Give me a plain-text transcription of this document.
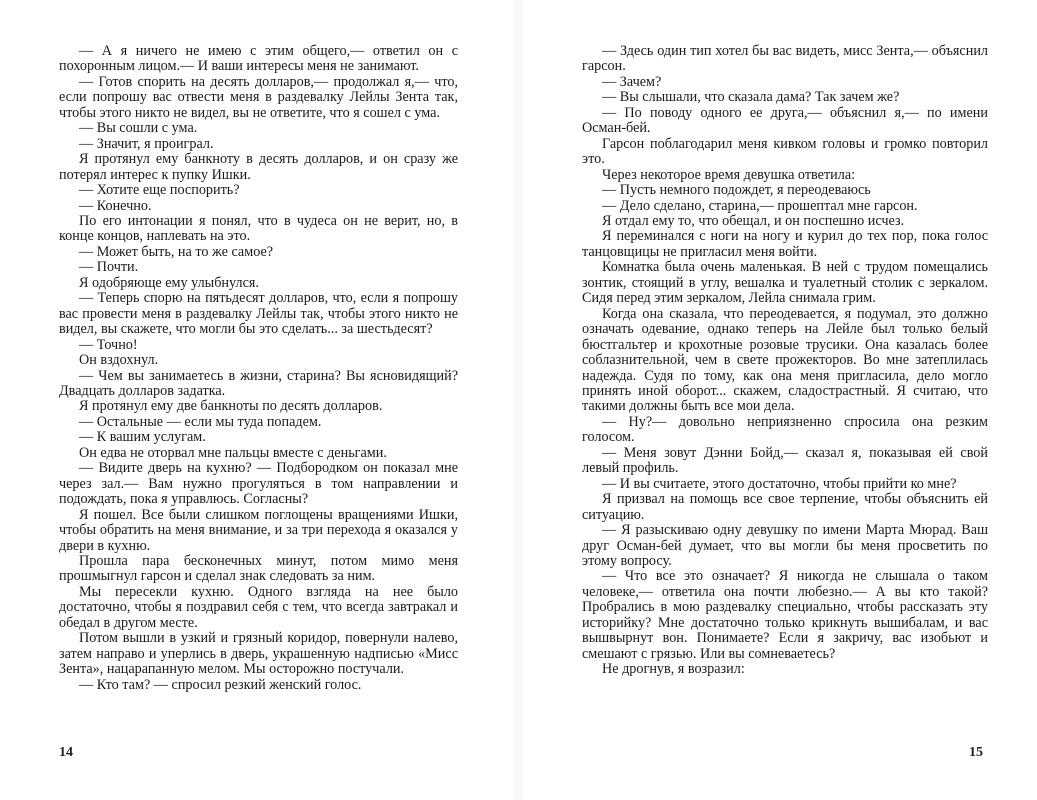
— А я ничего не имею с этим общего,— ответил он с похоронным лицом.— И ваши интересы меня не занимают.

— Готов спорить на десять долларов,— продолжал я,— что, если попрошу вас отвести меня в раздевалку Лейлы Зента так, чтобы этого никто не видел, вы не ответите, что я сошел с ума.

— Вы сошли с ума.

— Значит, я проиграл.

Я протянул ему банкноту в десять долларов, и он сразу же потерял интерес к пупку Ишки.

— Хотите еще поспорить?

— Конечно.

По его интонации я понял, что в чудеса он не верит, но, в конце концов, наплевать на это.

— Может быть, на то же самое?

— Почти.

Я одобряюще ему улыбнулся.

— Теперь спорю на пятьдесят долларов, что, если я попрошу вас провести меня в раздевалку Лейлы так, чтобы этого никто не видел, вы скажете, что могли бы это сделать... за шестьдесят?

— Точно!

Он вздохнул.

— Чем вы занимаетесь в жизни, старина? Вы ясновидящий? Двадцать долларов задатка.

Я протянул ему две банкноты по десять долларов.

— Остальные — если мы туда попадем.

— К вашим услугам.

Он едва не оторвал мне пальцы вместе с деньгами.

— Видите дверь на кухню? — Подбородком он показал мне через зал.— Вам нужно прогуляться в том направлении и подождать, пока я управлюсь. Согласны?

Я пошел. Все были слишком поглощены вращениями Ишки, чтобы обратить на меня внимание, и за три перехода я оказался у двери в кухню.

Прошла пара бесконечных минут, потом мимо меня прошмыгнул гарсон и сделал знак следовать за ним.

Мы пересекли кухню. Одного взгляда на нее было достаточно, чтобы я поздравил себя с тем, что всегда завтракал и обедал в другом месте.

Потом вышли в узкий и грязный коридор, повернули налево, затем направо и уперлись в дверь, украшенную надписью «Мисс Зента», нацарапанную мелом. Мы осторожно постучали.

— Кто там? — спросил резкий женский голос.

14

— Здесь один тип хотел бы вас видеть, мисс Зента,— объяснил гарсон.

— Зачем?

— Вы слышали, что сказала дама? Так зачем же?

— По поводу одного ее друга,— объяснил я,— по имени Осман-бей.

Гарсон поблагодарил меня кивком головы и громко повторил это.

Через некоторое время девушка ответила:

— Пусть немного подождет, я переодеваюсь

— Дело сделано, старина,— прошептал мне гарсон.

Я отдал ему то, что обещал, и он поспешно исчез.

Я переминался с ноги на ногу и курил до тех пор, пока голос танцовщицы не пригласил меня войти.

Комнатка была очень маленькая. В ней с трудом помещались зонтик, стоящий в углу, вешалка и туалетный столик с зеркалом. Сидя перед этим зеркалом, Лейла снимала грим.

Когда она сказала, что переодевается, я подумал, это должно означать одевание, однако теперь на Лейле был только белый бюстгальтер и крохотные розовые трусики. Она казалась более соблазнительной, чем в свете прожекторов. Во мне затеплилась надежда. Судя по тому, как она меня пригласила, дело могло принять иной оборот... скажем, сладострастный. Я считаю, что такими должны быть все мои дела.

— Ну?— довольно неприязненно спросила она резким голосом.

— Меня зовут Дэнни Бойд,— сказал я, показывая ей свой левый профиль.

— И вы считаете, этого достаточно, чтобы прийти ко мне?

Я призвал на помощь все свое терпение, чтобы объяснить ей ситуацию.

— Я разыскиваю одну девушку по имени Марта Мюрад. Ваш друг Осман-бей думает, что вы могли бы меня просветить по этому вопросу.

— Что все это означает? Я никогда не слышала о таком человеке,— ответила она почти любезно.— А вы кто такой? Пробрались в мою раздевалку специально, чтобы рассказать эту историйку? Мне достаточно только крикнуть вышибалам, и вас вышвырнут вон. Понимаете? Если я закричу, вас изобьют и смешают с грязью. Или вы сомневаетесь?

Не дрогнув, я возразил:

15
